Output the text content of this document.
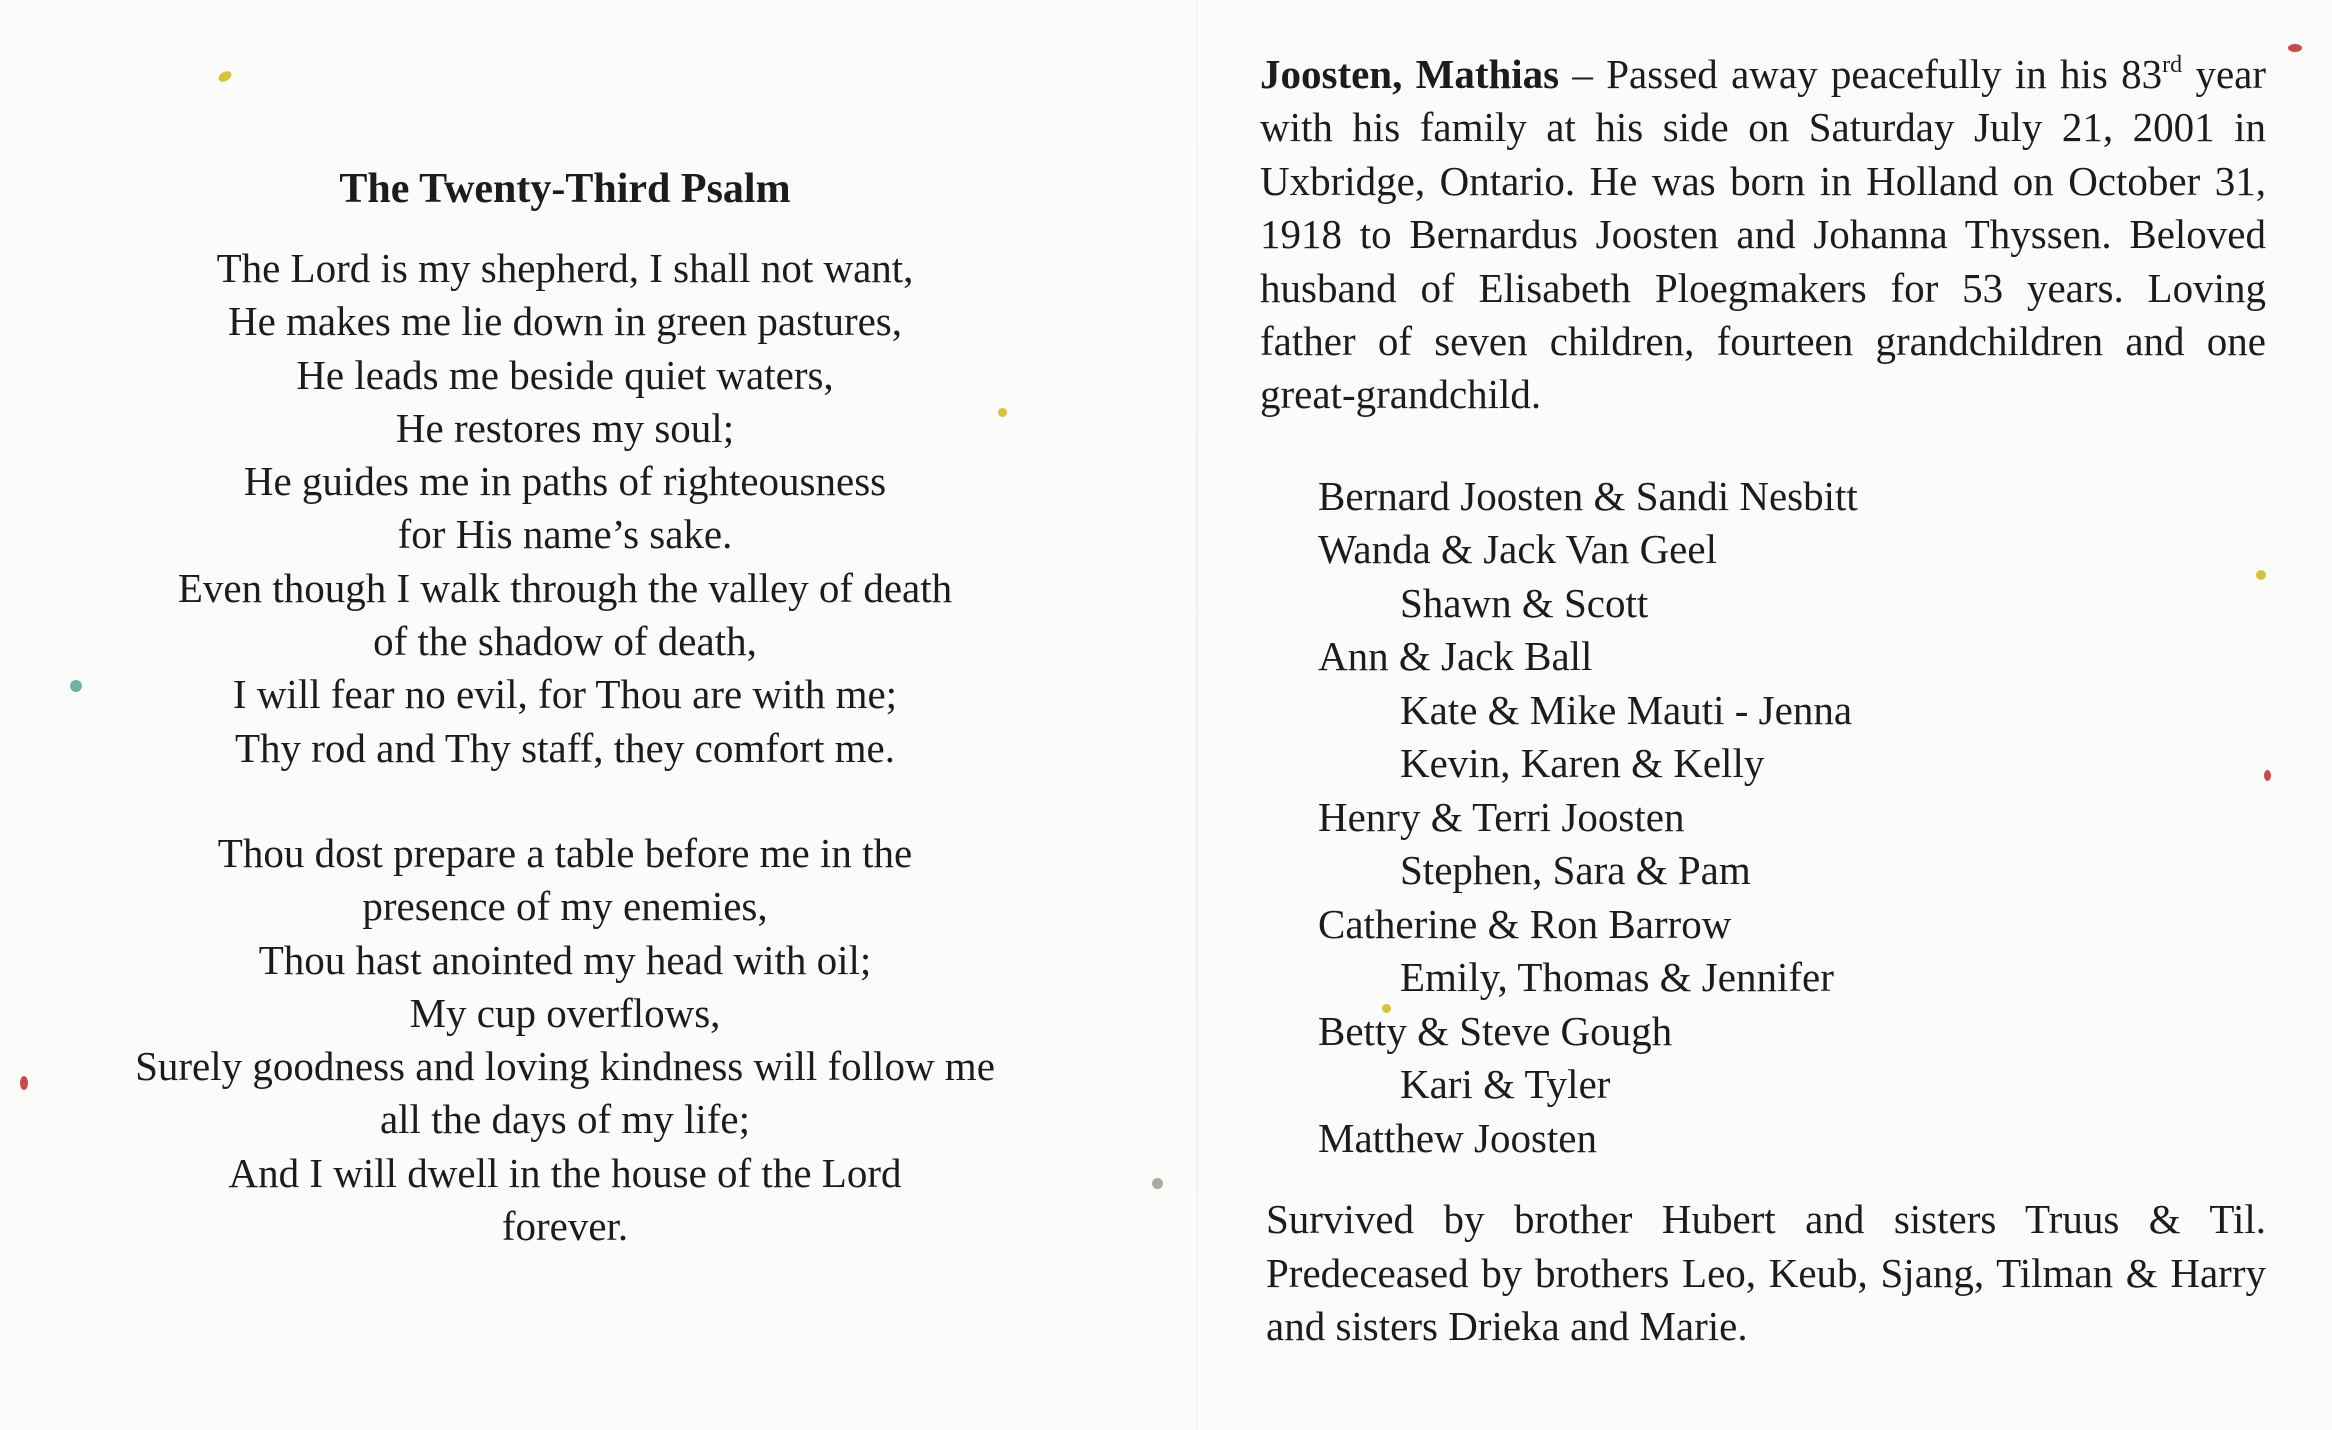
The Twenty-Third Psalm
The Lord is my shepherd, I shall not want,
He makes me lie down in green pastures,
He leads me beside quiet waters,
He restores my soul;
He guides me in paths of righteousness
for His name’s sake.
Even though I walk through the valley of death
of the shadow of death,
I will fear no evil, for Thou are with me;
Thy rod and Thy staff, they comfort me.
Thou dost prepare a table before me in the
presence of my enemies,
Thou hast anointed my head with oil;
My cup overflows,
Surely goodness and loving kindness will follow me
all the days of my life;
And I will dwell in the house of the Lord
forever.

Joosten, Mathias – Passed away peacefully in his 83rd year with his family at his side on Saturday July 21, 2001 in Uxbridge, Ontario. He was born in Holland on October 31, 1918 to Bernardus Joosten and Johanna Thyssen. Beloved husband of Elisabeth Ploegmakers for 53 years. Loving father of seven children, fourteen grandchildren and one great-grandchild.

Bernard Joosten & Sandi Nesbitt
Wanda & Jack Van Geel
Shawn & Scott
Ann & Jack Ball
Kate & Mike Mauti - Jenna
Kevin, Karen & Kelly
Henry & Terri Joosten
Stephen, Sara & Pam
Catherine & Ron Barrow
Emily, Thomas & Jennifer
Betty & Steve Gough
Kari & Tyler
Matthew Joosten

Survived by brother Hubert and sisters Truus & Til. Predeceased by brothers Leo, Keub, Sjang, Tilman & Harry and sisters Drieka and Marie.
